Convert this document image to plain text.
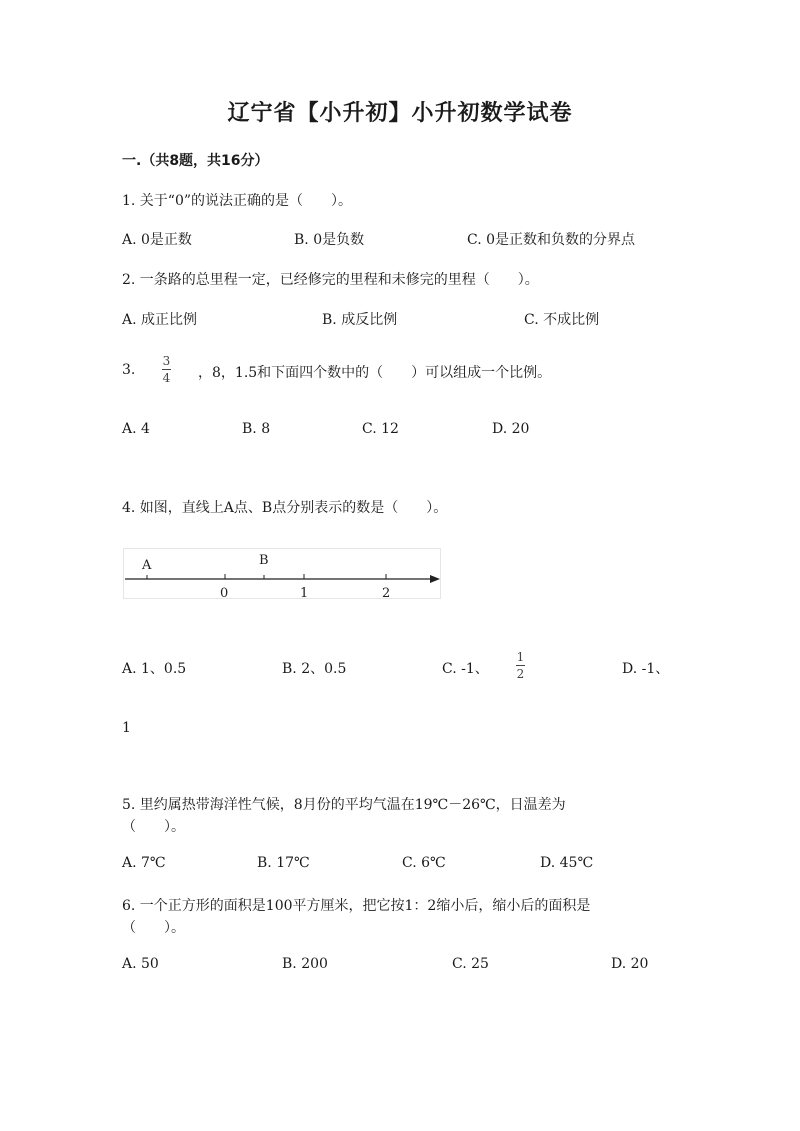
辽宁省【小升初】小升初数学试卷
一.（共8题，共16分）
1. 关于“0”的说法正确的是（　　）。
A. 0是正数	B. 0是负数	C. 0是正数和负数的分界点
2. 一条路的总里程一定，已经修完的里程和未修完的里程（　　）。
A. 成正比例	B. 成反比例	C. 不成比例
3.
3
4 ，8，1.5和下面四个数中的（　　）可以组成一个比例。
A. 4	B. 8	C. 12	D. 20
4. 如图，直线上A点、B点分别表示的数是（　　）。
A	B
0	1	2
A. 1、0.5	B. 2、0.5	C. -1、
1
2	D. -1、
1
5. 里约属热带海洋性气候，8月份的平均气温在19℃－26℃，日温差为
（　　）。
A. 7℃	B. 17℃	C. 6℃	D. 45℃
6. 一个正方形的面积是100平方厘米，把它按1：2缩小后，缩小后的面积是
（　　）。
A. 50	B. 200	C. 25	D. 20
